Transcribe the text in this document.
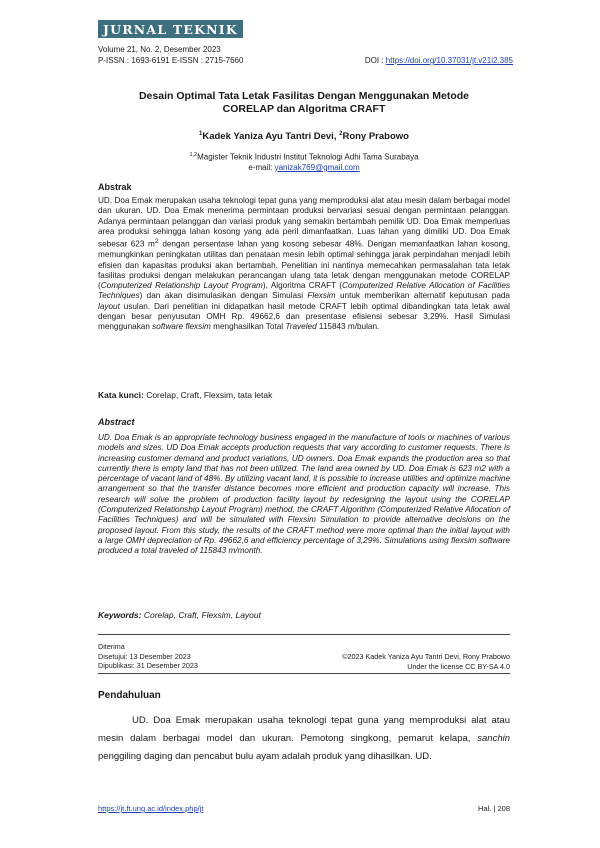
JURNAL TEKNIK
Volume 21, No. 2, Desember 2023
P-ISSN : 1693-6191 E-ISSN : 2715-7660	DOI : https://doi.org/10.37031/jt.v21i2.385
Desain Optimal Tata Letak Fasilitas Dengan Menggunakan Metode
CORELAP dan Algoritma CRAFT
$^1$Kadek Yaniza Ayu Tantri Devi, $^2$Rony Prabowo
$^{1,2}$Magister Teknik Industri Institut Teknologi Adhi Tama Surabaya
e-mail: yanizak769@gmail.com
Abstrak
UD. Doa Emak merupakan usaha teknologi tepat guna yang memproduksi alat atau mesin dalam berbagai model dan ukuran. UD. Doa Emak menerima permintaan produksi bervariasi sesuai dengan permintaan pelanggan. Adanya permintaan pelanggan dan variasi produk yang semakin bertambah pemilik UD. Doa Emak memperluas area produksi sehingga lahan kosong yang ada peril dimanfaatkan. Luas lahan yang dimiliki UD. Doa Emak sebesar 623 $m^2$ dengan persentase lahan yang kosong sebesar 48%. Dengan memanfaatkan lahan kosong, memungkinkan peningkatan utilitas dan penataan mesin lebih optimal sehingga jarak perpindahan menjadi lebih efisien dan kapasitas produksi akan bertambah. Penelitian ini nantinya memecahkan permasalahan tata letak fasilitas produksi dengan melakukan perancangan ulang tata letak dengan menggunakan metode CORELAP (Computerized Relationship Layout Program), Algoritma CRAFT (Computerized Relative Allocation of Facilities Techniques) dan akan disimulasikan dengan Simulasi Flexsim untuk memberikan alternatif keputusan pada layout usulan. Dari penelitian ini didapatkan hasil metode CRAFT lebih optimal dibandingkan tata letak awal dengan besar penyusutan OMH Rp. 49662,6 dan presentase efisiensi sebesar 3,29%. Hasil Simulasi menggunakan software flexsim menghasilkan Total Traveled 115843 m/bulan.
Kata kunci: Corelap, Craft, Flexsim, tata letak
Abstract
UD. Doa Emak is an appropriate technology business engaged in the manufacture of tools or machines of various models and sizes. UD Doa Emak accepts production requests that vary according to customer requests. There is increasing customer demand and product variations, UD owners. Doa Emak expands the production area so that currently there is empty land that has not been utilized. The land area owned by UD. Doa Emak is 623 m2 with a percentage of vacant land of 48%. By utilizing vacant land, it is possible to increase utilities and optimize machine arrangement so that the transfer distance becomes more efficient and production capacity will increase. This research will solve the problem of production facility layout by redesigning the layout using the CORELAP (Computerized Relationship Layout Program) method, the CRAFT Algorithm (Computerized Relative Allocation of Facilities Techniques) and will be simulated with Flexsim Simulation to provide alternative decisions on the proposed layout. From this study, the results of the CRAFT method were more optimal than the initial layout with a large OMH depreciation of Rp. 49662,6 and efficiency percentage of 3,29%. Simulations using flexsim software produced a total traveled of 115843 m/month.
Keywords: Corelap, Craft, Flexsim, Layout
Diterima
Disetujui: 13 Desember 2023
Dipublikasi: 31 Desember 2023
©2023 Kadek Yaniza Ayu Tantri Devi, Rony Prabowo
Under the license CC BY-SA 4.0
Pendahuluan
UD. Doa Emak merupakan usaha teknologi tepat guna yang memproduksi alat atau mesin dalam berbagai model dan ukuran. Pemotong singkong, pemarut kelapa, sanchin penggiling daging dan pencabut bulu ayam adalah produk yang dihasilkan. UD.
https://jt.ft.ung.ac.id/index.php/jt	Hal. | 208
